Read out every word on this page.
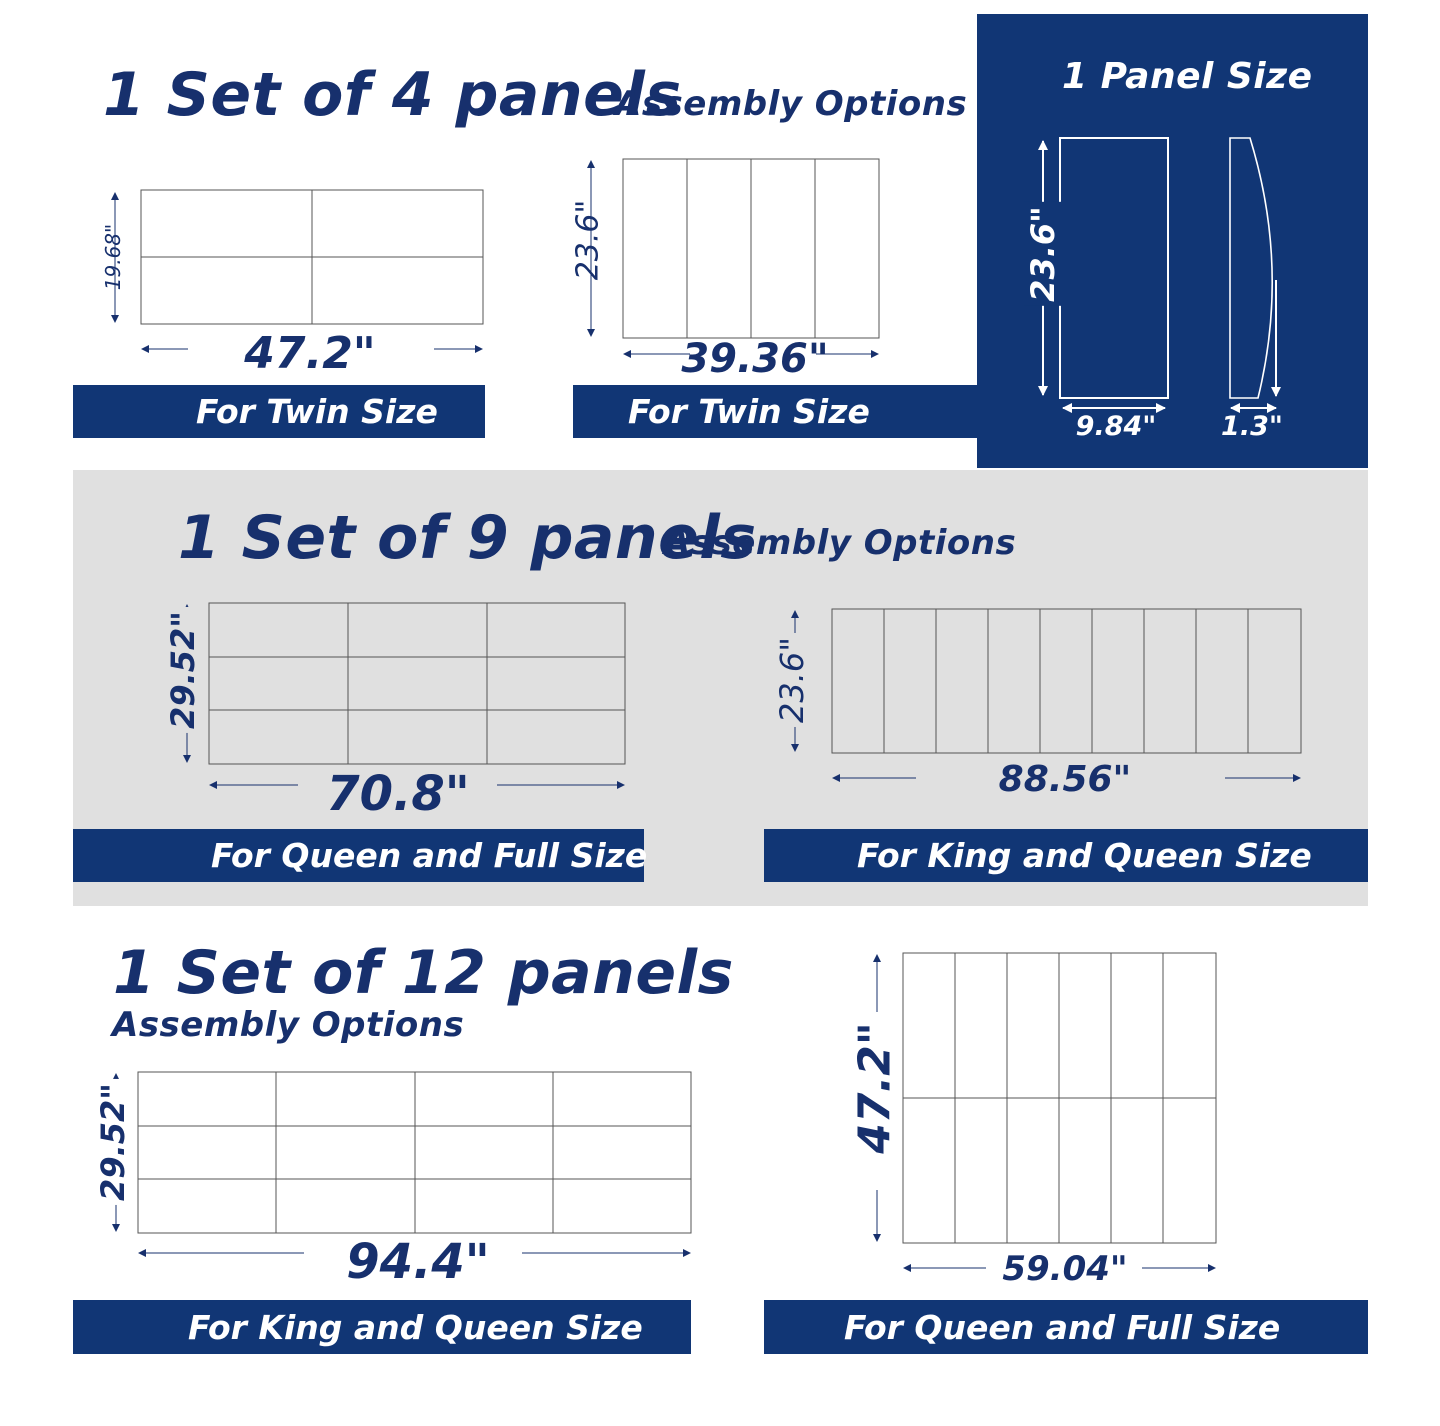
1 Set of 4 panels
Assembly Options
1 Panel Size
1 Set of 9 panels
Assembly Options
1 Set of 12 panels
Assembly Options
19.68"
47.2"
23.6"
39.36"
23.6"
9.84"	1.3"
29.52"
70.8"
23.6"
88.56"
29.52"
94.4"
47.2"
59.04"
For Twin Size	For Twin Size
For Queen and Full Size	For King and Queen Size
For King and Queen Size	For Queen and Full Size
